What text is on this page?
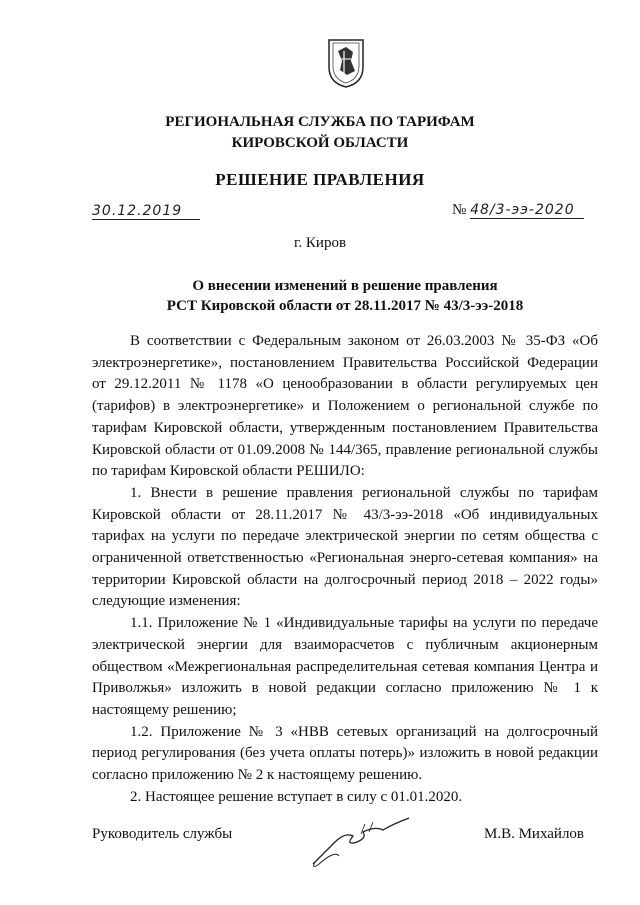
РЕГИОНАЛЬНАЯ СЛУЖБА ПО ТАРИФАМ
КИРОВСКОЙ ОБЛАСТИ
РЕШЕНИЕ ПРАВЛЕНИЯ
30.12.2019	№ 48/3-ээ-2020
г. Киров
О внесении изменений в решение правления
РСТ Кировской области от 28.11.2017 № 43/3-ээ-2018

В соответствии с Федеральным законом от 26.03.2003 № 35-ФЗ «Об электроэнергетике», постановлением Правительства Российской Федерации от 29.12.2011 № 1178 «О ценообразовании в области регулируемых цен (тарифов) в электроэнергетике» и Положением о региональной службе по тарифам Кировской области, утвержденным постановлением Правительства Кировской области от 01.09.2008 № 144/365, правление региональной службы по тарифам Кировской области РЕШИЛО:

1. Внести в решение правления региональной службы по тарифам Кировской области от 28.11.2017 № 43/3-ээ-2018 «Об индивидуальных тарифах на услуги по передаче электрической энергии по сетям общества с ограниченной ответственностью «Региональная энерго-сетевая компания» на территории Кировской области на долгосрочный период 2018 – 2022 годы» следующие изменения:

1.1. Приложение № 1 «Индивидуальные тарифы на услуги по передаче электрической энергии для взаиморасчетов с публичным акционерным обществом «Межрегиональная распределительная сетевая компания Центра и Приволжья» изложить в новой редакции согласно приложению № 1 к настоящему решению;

1.2. Приложение № 3 «НВВ сетевых организаций на долгосрочный период регулирования (без учета оплаты потерь)» изложить в новой редакции согласно приложению № 2 к настоящему решению.

2. Настоящее решение вступает в силу с 01.01.2020.

Руководитель службы	М.В. Михайлов
